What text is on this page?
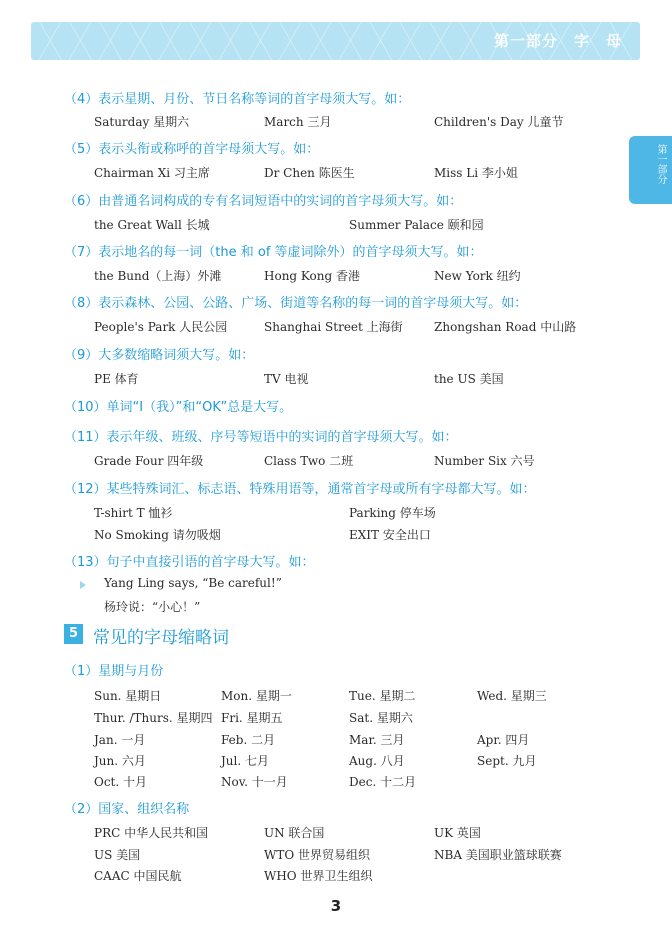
第一部分　字　母
第一部分
（4）表示星期、月份、节日名称等词的首字母须大写。如：
Saturday 星期六	March 三月	Children's Day 儿童节
（5）表示头衔或称呼的首字母须大写。如：
Chairman Xi 习主席	Dr Chen 陈医生	Miss Li 李小姐
（6）由普通名词构成的专有名词短语中的实词的首字母须大写。如：
the Great Wall 长城	Summer Palace 颐和园
（7）表示地名的每一词（the 和 of 等虚词除外）的首字母须大写。如：
the Bund（上海）外滩	Hong Kong 香港	New York 纽约
（8）表示森林、公园、公路、广场、街道等名称的每一词的首字母须大写。如：
People's Park 人民公园	Shanghai Street 上海街	Zhongshan Road 中山路
（9）大多数缩略词须大写。如：
PE 体育	TV 电视	the US 美国
（10）单词“I（我）”和“OK”总是大写。
（11）表示年级、班级、序号等短语中的实词的首字母须大写。如：
Grade Four 四年级	Class Two 二班	Number Six 六号
（12）某些特殊词汇、标志语、特殊用语等，通常首字母或所有字母都大写。如：
T-shirt T 恤衫	Parking 停车场
No Smoking 请勿吸烟	EXIT 安全出口
（13）句子中直接引语的首字母大写。如：
Yang Ling says, “Be careful!”
杨玲说：“小心！”
5 常见的字母缩略词
（1）星期与月份
Sun. 星期日	Mon. 星期一	Tue. 星期二	Wed. 星期三
Thur. /Thurs. 星期四 Fri. 星期五	Sat. 星期六
Jan. 一月	Feb. 二月	Mar. 三月	Apr. 四月
Jun. 六月	Jul. 七月	Aug. 八月	Sept. 九月
Oct. 十月	Nov. 十一月	Dec. 十二月
（2）国家、组织名称
PRC 中华人民共和国	UN 联合国	UK 英国
US 美国	WTO 世界贸易组织	NBA 美国职业篮球联赛
CAAC 中国民航	WHO 世界卫生组织
3
